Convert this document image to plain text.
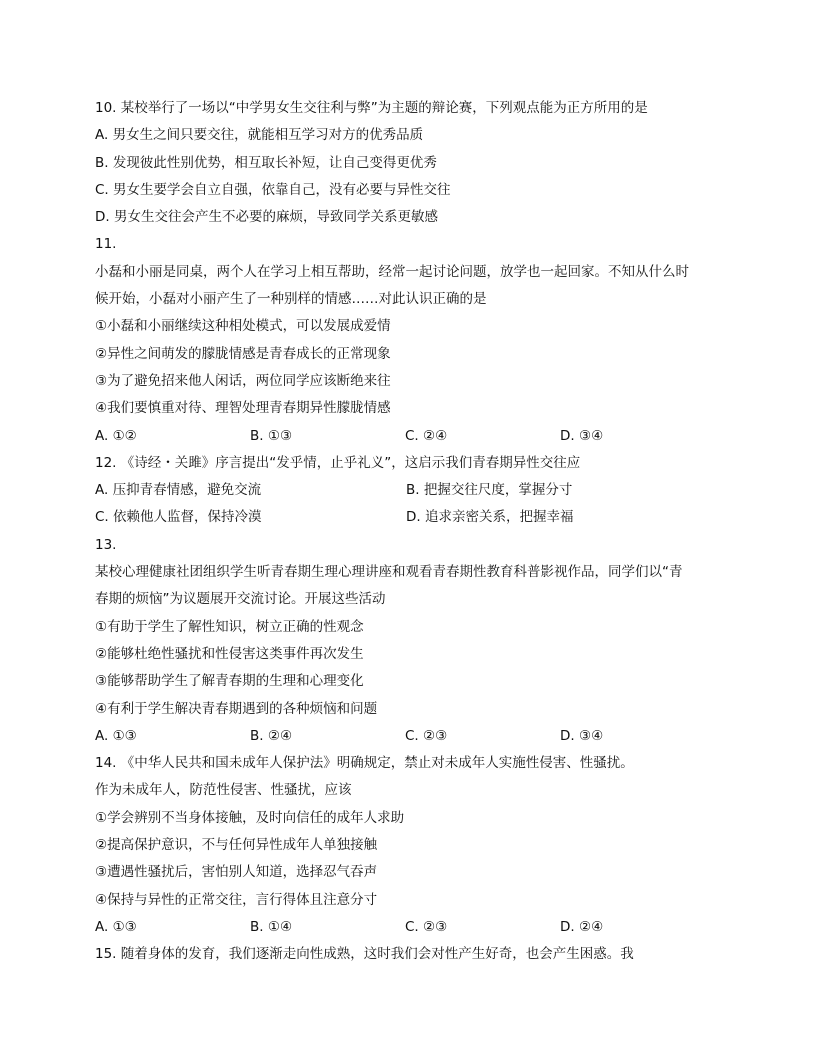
10. 某校举行了一场以“中学男女生交往利与弊”为主题的辩论赛，下列观点能为正方所用的是
A. 男女生之间只要交往，就能相互学习对方的优秀品质
B. 发现彼此性别优势，相互取长补短，让自己变得更优秀
C. 男女生要学会自立自强，依靠自己，没有必要与异性交往
D. 男女生交往会产生不必要的麻烦，导致同学关系更敏感
11.
小磊和小丽是同桌，两个人在学习上相互帮助，经常一起讨论问题，放学也一起回家。不知从什么时
候开始，小磊对小丽产生了一种别样的情感……对此认识正确的是
①小磊和小丽继续这种相处模式，可以发展成爱情
②异性之间萌发的朦胧情感是青春成长的正常现象
③为了避免招来他人闲话，两位同学应该断绝来往
④我们要慎重对待、理智处理青春期异性朦胧情感
A. ①②	B. ①③	C. ②④	D. ③④
12. 《诗经・关雎》序言提出“发乎情，止乎礼义”，这启示我们青春期异性交往应
A. 压抑青春情感，避免交流	B. 把握交往尺度，掌握分寸
C. 依赖他人监督，保持冷漠	D. 追求亲密关系，把握幸福
13.
某校心理健康社团组织学生听青春期生理心理讲座和观看青春期性教育科普影视作品，同学们以“青
春期的烦恼”为议题展开交流讨论。开展这些活动
①有助于学生了解性知识，树立正确的性观念
②能够杜绝性骚扰和性侵害这类事件再次发生
③能够帮助学生了解青春期的生理和心理变化
④有利于学生解决青春期遇到的各种烦恼和问题
A. ①③	B. ②④	C. ②③	D. ③④
14. 《中华人民共和国未成年人保护法》明确规定，禁止对未成年人实施性侵害、性骚扰。
作为未成年人，防范性侵害、性骚扰，应该
①学会辨别不当身体接触，及时向信任的成年人求助
②提高保护意识，不与任何异性成年人单独接触
③遭遇性骚扰后，害怕别人知道，选择忍气吞声
④保持与异性的正常交往，言行得体且注意分寸
A. ①③	B. ①④	C. ②③	D. ②④
15. 随着身体的发育，我们逐渐走向性成熟，这时我们会对性产生好奇，也会产生困惑。我
